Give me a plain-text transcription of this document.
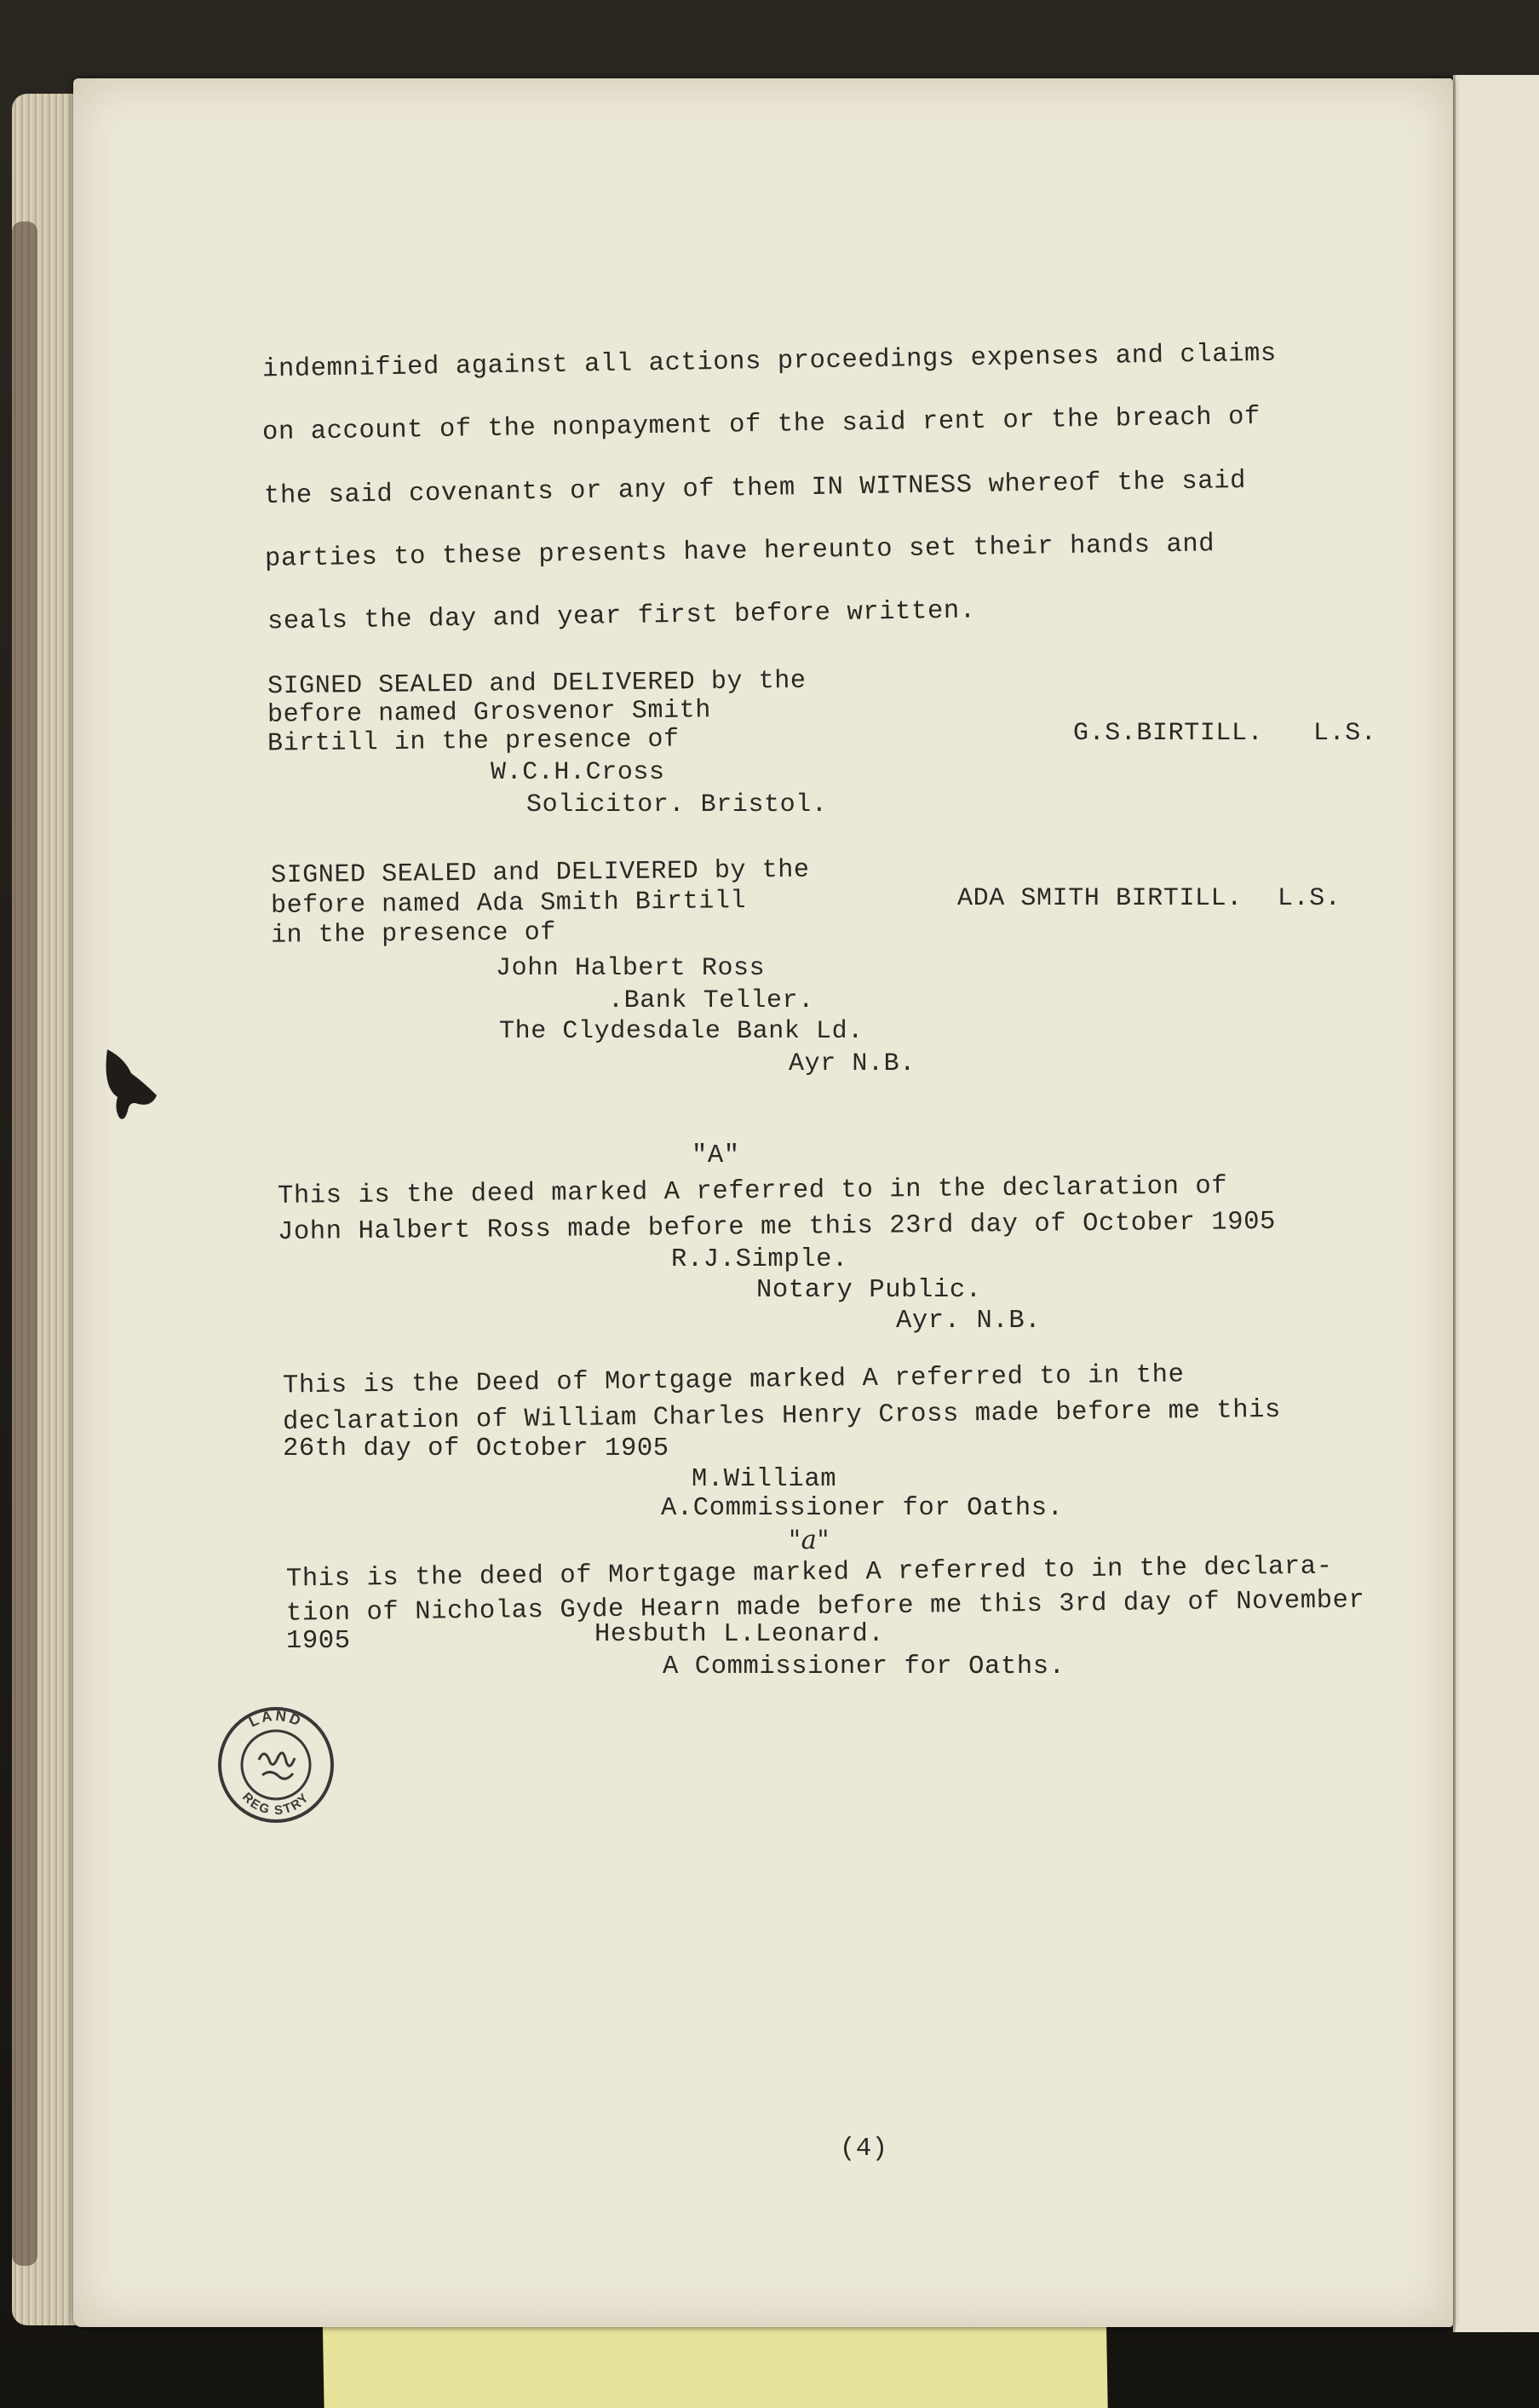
indemnified against all actions proceedings expenses and claims
on account of the nonpayment of the said rent or the breach of
the said covenants or any of them IN WITNESS whereof the said
parties to these presents have hereunto set their hands and
seals the day and year first before written.
SIGNED SEALED and DELIVERED by the
before named Grosvenor Smith
Birtill in the presence of
W.C.H.Cross
Solicitor. Bristol.
G.S.BIRTILL. L.S.
SIGNED SEALED and DELIVERED by the
before named Ada Smith Birtill
in the presence of
John Halbert Ross
.Bank Teller.
The Clydesdale Bank Ld.
Ayr N.B.
ADA SMITH BIRTILL. L.S.
"A"
This is the deed marked A referred to in the declaration of
John Halbert Ross made before me this 23rd day of October 1905
R.J.Simple.
Notary Public.
Ayr. N.B.
This is the Deed of Mortgage marked A referred to in the
declaration of William Charles Henry Cross made before me this
26th day of October 1905
M.William
A.Commissioner for Oaths.
"a"
This is the deed of Mortgage marked A referred to in the declara-
tion of Nicholas Gyde Hearn made before me this 3rd day of November
1905	Hesbuth L.Leonard.
A Commissioner for Oaths.
(4)
LAND
REG STRY
